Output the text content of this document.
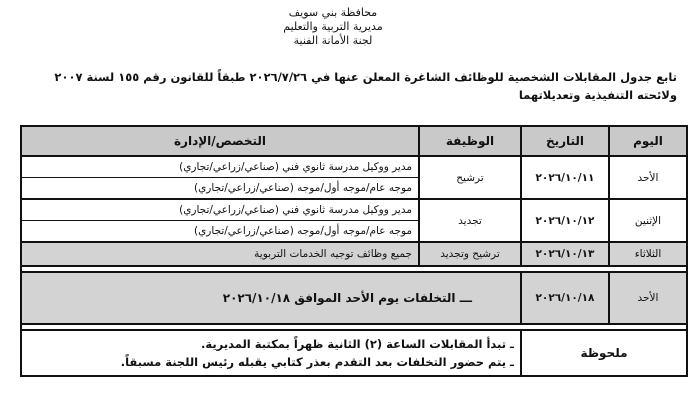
محافظة بني سويف
مديرية التربية والتعليم
لجنة الأمانة الفنية
تابع جدول المقابلات الشخصية للوظائف الشاغرة المعلن عنها في ٢٠٢٦/٧/٢٦ طبقاً للقانون رقم ١٥٥ لسنة ٢٠٠٧ ولائحته التنفيذية وتعديلاتهما
اليوم	التاريخ	الوظيفة	التخصص/الإدارة
الأحد	٢٠٢٦/١٠/١١	ترشيح	مدير ووكيل مدرسة ثانوي فني (صناعي/زراعي/تجاري)
موجه عام/موجه أول/موجه (صناعي/زراعي/تجاري)

الإثنين	٢٠٢٦/١٠/١٢	تجديد	مدير ووكيل مدرسة ثانوي فني (صناعي/زراعي/تجاري)
موجه عام/موجه أول/موجه (صناعي/زراعي/تجاري)

الثلاثاء	٢٠٢٦/١٠/١٣	ترشيح وتجديد	جميع وظائف توجيه الخدمات التربوية

الأحد	٢٠٢٦/١٠/١٨	ـــ التخلفات يوم الأحد الموافق ٢٠٢٦/١٠/١٨	

ملحوظة		ـ تبدأ المقابلات الساعة (٢) الثانية ظهراً بمكتبة المديرية.
ـ يتم حضور التخلفات بعد التقدم بعذر كتابي يقبله رئيس اللجنة مسبقاً.	
